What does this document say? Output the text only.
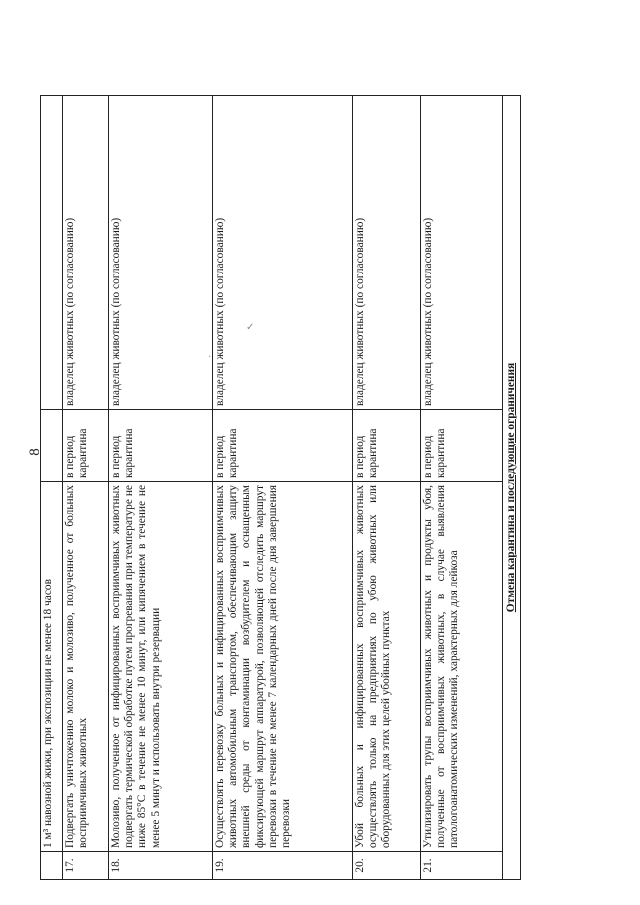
8
	1 м³ навозной жижи, при экспозиции не менее 18 часов		
17.	Подвергать уничтожению молоко и молозиво, полученное от больных восприимчивых животных	в период карантина	владелец животных (по согласованию)
18.	Молозиво, полученное от инфицированных восприимчивых животных подвергать термической обработке путем прогревания при температуре не ниже 85°С в течение не менее 10 минут, или кипячением в течение не менее 5 минут и использовать внутри резервации	в период карантина	владелец животных (по согласованию)
19.	Осуществлять перевозку больных и инфицированных восприимчивых животных автомобильным транспортом, обеспечивающим защиту внешней среды от контаминации возбудителем и оснащенным фиксирующей маршрут аппаратурой, позволяющей отследить маршрут перевозки в течение не менее 7 календарных дней после дня завершения перевозки	в период карантина	владелец животных (по согласованию)
20.	Убой больных и инфицированных восприимчивых животных осуществлять только на предприятиях по убою животных или оборудованных для этих целей убойных пунктах	в период карантина	владелец животных (по согласованию)
21.	Утилизировать трупы восприимчивых животных и продукты убоя, полученные от восприимчивых животных, в случае выявления патологоанатомических изменений, характерных для лейкоза	в период карантина	владелец животных (по согласованию)
Отмена карантина и последующие ограничения			
✓
·
